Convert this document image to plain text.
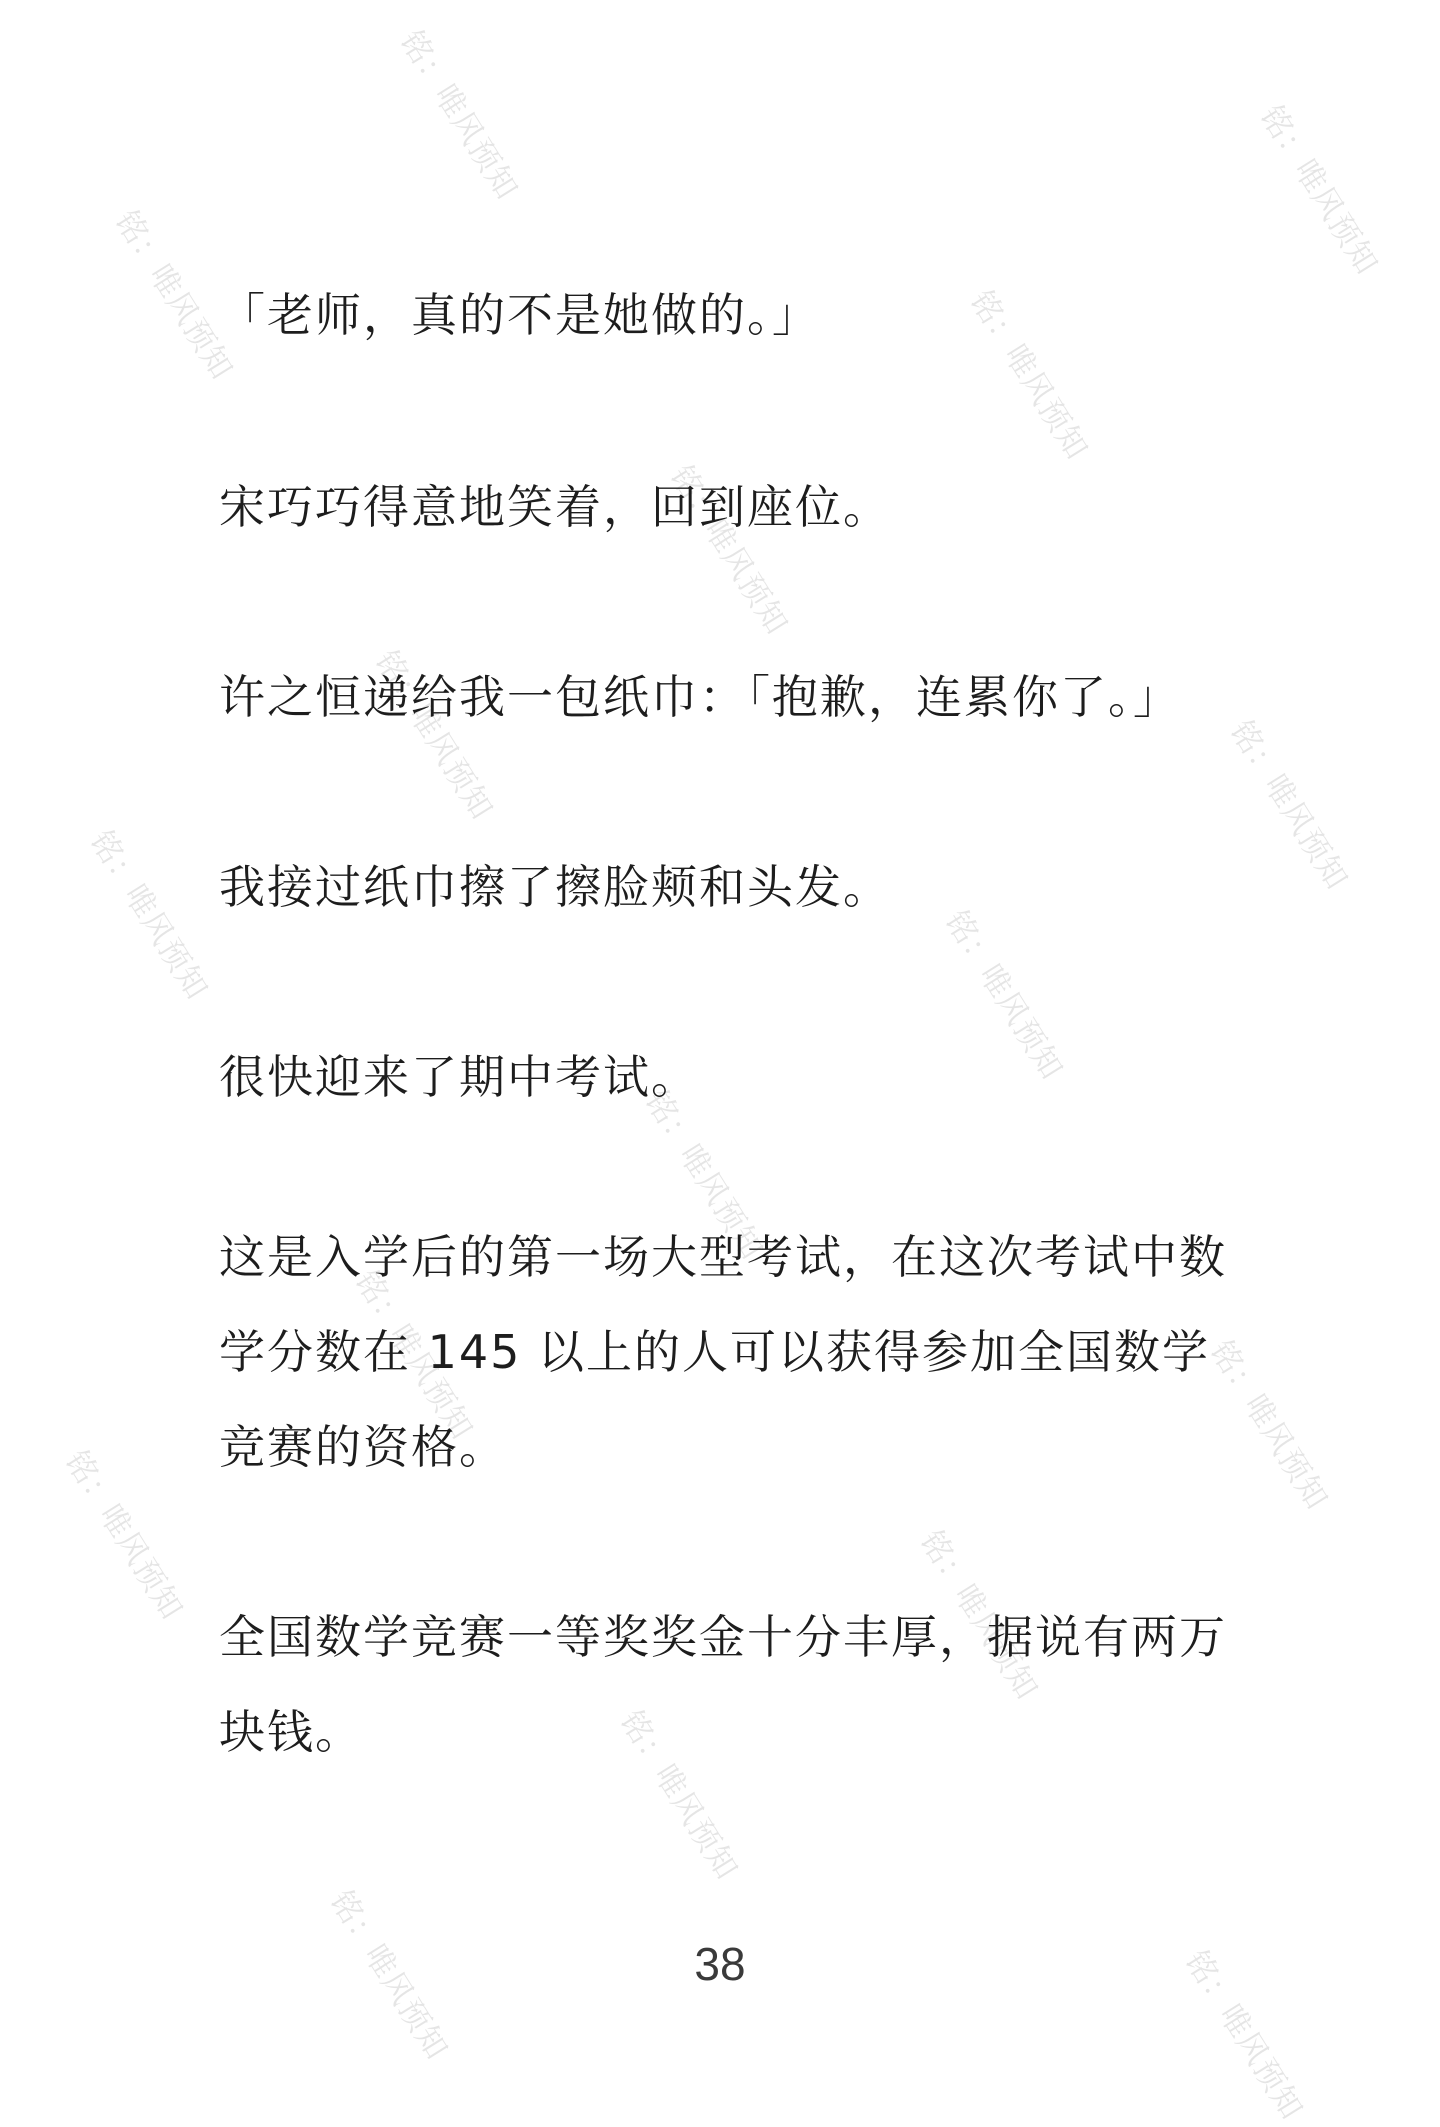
铭：唯风预知	铭：唯风预知
铭：唯风预知	铭：唯风预知
铭：唯风预知
铭：唯风预知	铭：唯风预知
铭：唯风预知	铭：唯风预知
铭：唯风预知
铭：唯风预知	铭：唯风预知
铭：唯风预知	铭：唯风预知
铭：唯风预知
铭：唯风预知	铭：唯风预知

「老师，真的不是她做的。」

宋巧巧得意地笑着，回到座位。

许之恒递给我一包纸巾：「抱歉，连累你了。」

我接过纸巾擦了擦脸颊和头发。

很快迎来了期中考试。

这是入学后的第一场大型考试，在这次考试中数学分数在 145 以上的人可以获得参加全国数学竞赛的资格。

全国数学竞赛一等奖奖金十分丰厚，据说有两万块钱。

38
